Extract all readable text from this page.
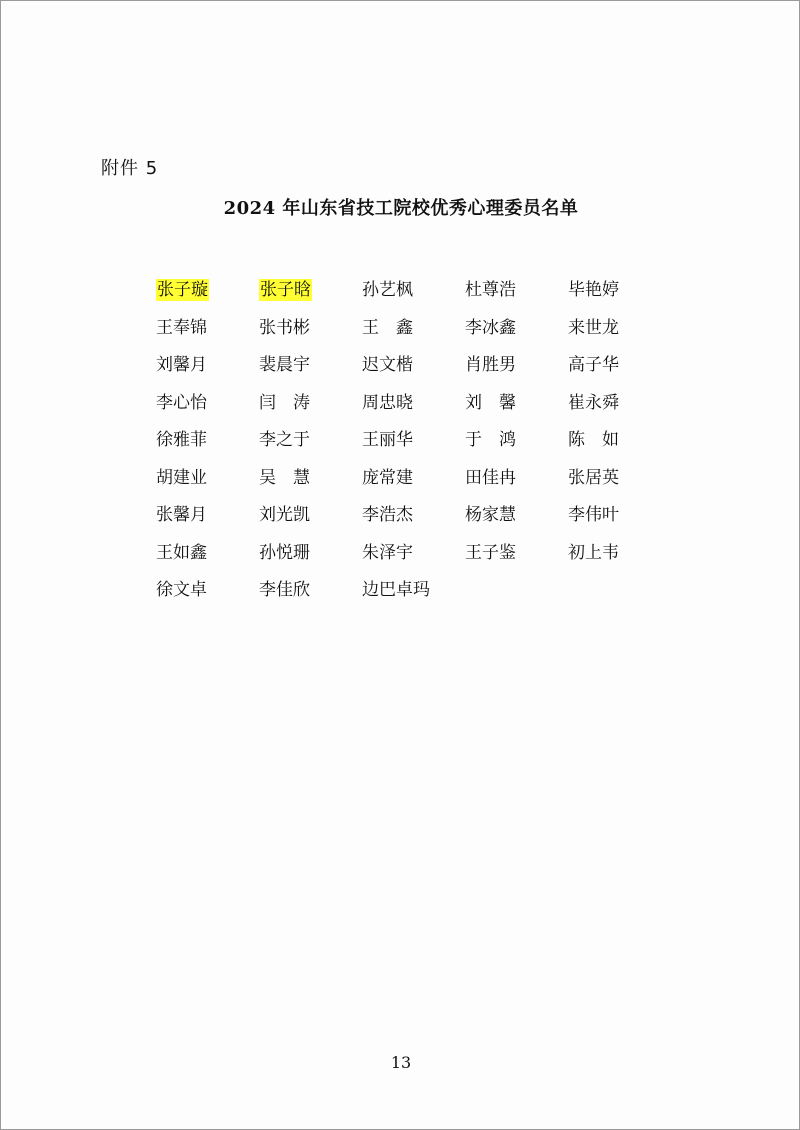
附件 5
2024 年山东省技工院校优秀心理委员名单
张子璇	张子晗	孙艺枫	杜尊浩	毕艳婷
王奉锦	张书彬	王　鑫	李冰鑫	来世龙
刘馨月	裴晨宇	迟文楷	肖胜男	高子华
李心怡	闫　涛	周忠晓	刘　馨	崔永舜
徐雅菲	李之于	王丽华	于　鸿	陈　如
胡建业	吴　慧	庞常建	田佳冉	张居英
张馨月	刘光凯	李浩杰	杨家慧	李伟叶
王如鑫	孙悦珊	朱泽宇	王子鉴	初上韦
徐文卓	李佳欣	边巴卓玛
13
